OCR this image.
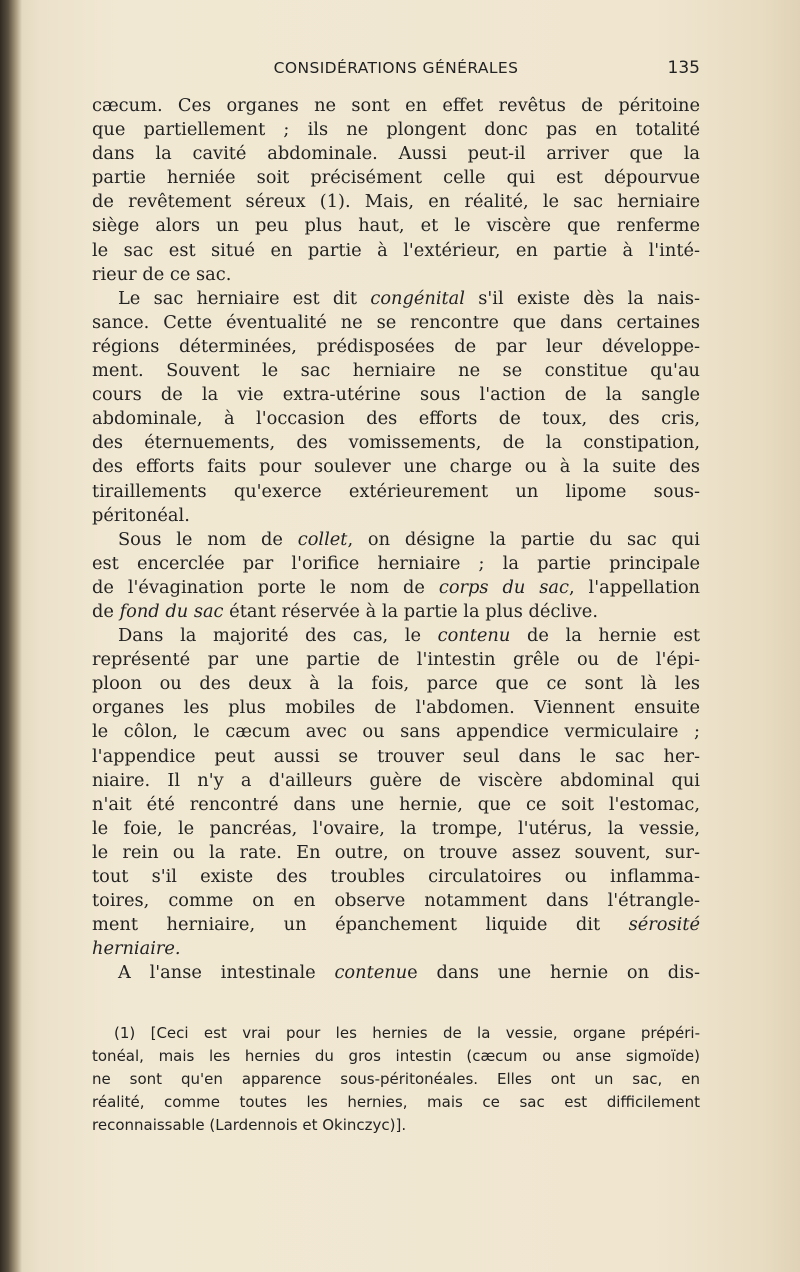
CONSIDÉRATIONS GÉNÉRALES	135
cæcum. Ces organes ne sont en effet revêtus de péritoine
que partiellement ; ils ne plongent donc pas en totalité
dans la cavité abdominale. Aussi peut-il arriver que la
partie herniée soit précisément celle qui est dépourvue
de revêtement séreux (1). Mais, en réalité, le sac herniaire
siège alors un peu plus haut, et le viscère que renferme
le sac est situé en partie à l'extérieur, en partie à l'inté-
rieur de ce sac.
Le sac herniaire est dit congénital s'il existe dès la nais-
sance. Cette éventualité ne se rencontre que dans certaines
régions déterminées, prédisposées de par leur développe-
ment. Souvent le sac herniaire ne se constitue qu'au
cours de la vie extra-utérine sous l'action de la sangle
abdominale, à l'occasion des efforts de toux, des cris,
des éternuements, des vomissements, de la constipation,
des efforts faits pour soulever une charge ou à la suite des
tiraillements qu'exerce extérieurement un lipome sous-
péritonéal.
Sous le nom de collet, on désigne la partie du sac qui
est encerclée par l'orifice herniaire ; la partie principale
de l'évagination porte le nom de corps du sac, l'appellation
de fond du sac étant réservée à la partie la plus déclive.
Dans la majorité des cas, le contenu de la hernie est
représenté par une partie de l'intestin grêle ou de l'épi-
ploon ou des deux à la fois, parce que ce sont là les
organes les plus mobiles de l'abdomen. Viennent ensuite
le côlon, le cæcum avec ou sans appendice vermiculaire ;
l'appendice peut aussi se trouver seul dans le sac her-
niaire. Il n'y a d'ailleurs guère de viscère abdominal qui
n'ait été rencontré dans une hernie, que ce soit l'estomac,
le foie, le pancréas, l'ovaire, la trompe, l'utérus, la vessie,
le rein ou la rate. En outre, on trouve assez souvent, sur-
tout s'il existe des troubles circulatoires ou inflamma-
toires, comme on en observe notamment dans l'étrangle-
ment herniaire, un épanchement liquide dit sérosité
herniaire.
A l'anse intestinale contenue dans une hernie on dis-
(1) [Ceci est vrai pour les hernies de la vessie, organe prépéri-
tonéal, mais les hernies du gros intestin (cæcum ou anse sigmoïde)
ne sont qu'en apparence sous-péritonéales. Elles ont un sac, en
réalité, comme toutes les hernies, mais ce sac est difficilement
reconnaissable (Lardennois et Okinczyc)].
